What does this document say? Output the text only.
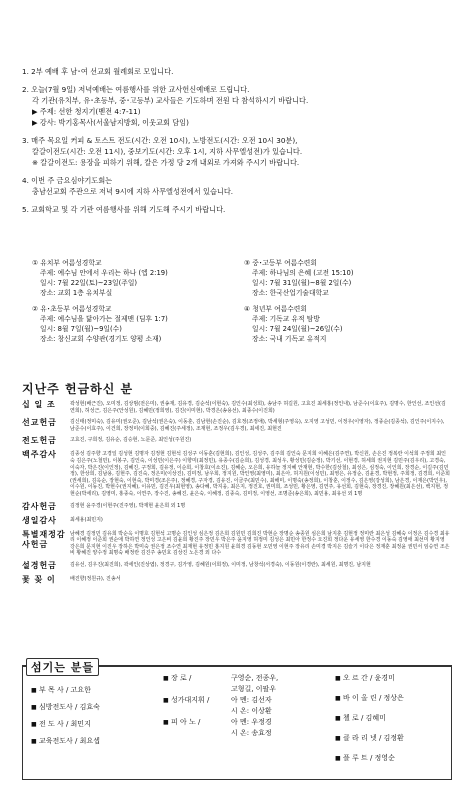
1. 2부 예배 후 남･여 선교회 월례회로 모입니다.
2. 오늘(7월 9일) 저녁예배는 여름행사를 위한 교사헌신예배로 드립니다.
각 기관(유치부, 유･초등부, 중･고등부) 교사들은 기도하며 전원 다 참석하시기 바랍니다.
▶ 주제: 선한 청지기(벧전 4:7-11)
▶ 강사: 박기홍목사(서울남지방회, 이웃교회 담임)
3. 매주 목요일 커피 & 토스트 전도(시간: 오전 10시), 노방전도(시간: 오전 10시 30분),
칼갈이전도(시간: 오전 11시), 중보기도(시간: 오후 1시, 지하 사무엘성전)가 있습니다.
※ 칼갈이전도: 용장을 피하기 위해, 칼은 가정 당 2개 내외로 가져와 주시기 바랍니다.
4. 이번 주 금요심야기도회는
충남선교회 주관으로 저녁 9시에 지하 사무엘성전에서 있습니다.
5. 교회학교 및 각 기관 여름행사를 위해 기도해 주시기 바랍니다.
① 유치부 여름성경학교
주제: 예수님 안에서 우리는 하나 (엡 2:19)
일시: 7월 22일(토)~23일(주일)
장소: 교회 1층 유치부실
③ 중･고등부 여름수련회
주제: 하나님의 은혜 (고전 15:10)
일시: 7월 31일(월)~8월 2일(수)
장소: 한국산업기술대학교
② 유･초등부 여름성경학교
주제: 예수님을 닮아가는 절제맨 (딤후 1:7)
일시: 8월 7일(월)~9일(수)
장소: 창신교회 수양관(경기도 양평 소재)
④ 청년부 여름수련회
주제: 기독교 유적 탐방
일시: 7월 24일(월)~26일(수)
장소: 국내 기독교 유적지
지난주 헌금하신 분
십 일 조	곽성현(배근진), 오미정, 김상범(전은미), 권송재, 김유경, 김순석(이현숙), 김인수(최성희), 송남주 허길원, 고효진 최세홍(정인내), 남준수(이효주), 김명수, 한인선, 조인선(김연희), 허성근, 김은주(안성원), 김혜민(정희영), 김진(이미현), 박경은(송용선), 최종수(이진희)
선교헌금	김신태(정미숙), 김유미(권오준), 김남석(권은숙), 이동훈, 김남현(손진순), 김호정(조정애), 박세형(주영옥), 오지영 고성민, 이정우(이영자), 정종순(김종석), 김인주(이지수), 남준수(이효주), 이건희, 장정미(이희중), 김혜진(주세정), 조재현, 조정우(김우경), 최세진, 최현진
전도헌금	고효진, 구희정, 김유순, 김승현, 노문준, 최인성(주원진)
백주감사	김종성 김주향 고경일 김성현 김명자 김정현 김현석 김성구 이동훈(김현희), 김인성, 김성주, 김주희 김인숙 문지희 이혜은(김주연), 박신원, 손은진 정복란 이석희 주정희 최인숙 김은주(노철민), 이봉구, 김인숙, 이성민(이은주) 이향미(최정민), 유종수(김순희), 김성경, 최성우, 황성민(김순정), 박기선, 이현경, 허세희 권지현 김민주(김우리), 고경숙, 이숙자, 박은진(이인정), 김혜진, 구정희, 김유정, 이순희, 이창호(이소진), 김혜순, 오은희, 유하늘 정지혜 안재현, 박수한(김상철), 최성은, 심정숙, 이인희, 장경순, 이길주(김민정), 한상희, 김남용, 김현주, 김진숙, 정은미(이상진), 김미정, 남우희, 정지원, 박인영(최영미), 최은아, 허지원(이성민), 최영은, 유정순, 김윤경, 박현정, 주희정, 김경희, 이준희(권세희), 김옥순, 장현숙, 이현숙, 박미경(조은주), 정혜경, 구자경, 김유진, 이금주(최민수), 최해미, 이명숙(송정희), 이창훈, 이정수, 김은영(강성희), 남은경, 이재은(박인우), 이수원, 이동진, 박현수(권지혜), 이유민, 김진우(최현영), 송다혜, 박지웅, 최은지, 정진호, 권미희, 조성민, 황은영, 김연주, 유선희, 김현숙, 장경진, 장혜원(최은선), 백지현, 정현순(박세리), 김영미, 홍종숙, 이연주, 장수진, 송혜진, 윤은숙, 이혜정, 김종숙, 김미정, 이영선, 조명준(송은희), 최민용, 최유선 외 1명
감사헌금	김정현 윤주경(이현주(진주영), 박재현 윤은희 외 1명
생일감사	최세용(최민지)
특별재정감사헌금
남혜경 김정민 김유희 박순옥 이명호 김현석 고명순 김인성 심은정 김은희 김원민 김희진 박현순 장명순 송종원 심은희 남지훈 김현정 정미란 최은성 김혜숙 이정은 김수경 최유리 이혜정 이준희 권순애 박하연 정인성 고은비 김윤희 황진주 장민우 박은주 윤지영 허정미 김성은 최민아 한정수 오진희 정다운 유세영 한수경 이동숙 김영애 최선미 황지영 강은희 문지현 이진우 장하은 박미숙 권은정 조수연 최재현 유정민 홍지원 윤희경 김동현 오민영 이현주 장유리 손미경 박지은 김슬기 이다은 정재훈 최정윤 권민서 임승연 조은비 황혜진 양수정 최명숙 배정란 김진주 송민호 김상진 노은경 외 다수
설경헌금	김유선, 김우진(최진희), 곽세인(진상엽), 정경구, 김가영, 김혜원(이희정), 이미정, 남창석(서경숙), 이동원(이경란), 최세원, 최명진, 남지현
꽃 꽂 이	배진향(정원규), 진송서
섬기는 분들
■ 부 목 사 / 고요한
■ 심방전도사 / 김효숙
■ 전 도 사 / 최민지
■ 교육전도사 / 최요셉
■ 장 로 /	구영순, 전종우,
고형길, 이팔우
■ 성가대지휘 /	아 멘: 김선자
시 온: 이상환
■ 피 아 노 /	아 멘: 우정경
시 온: 송효정
■ 오 르 간 / 윤경미
■ 바 이 올 린 / 정상은
■ 첼 로 / 김혜미
■ 클 라 리 넷 / 김정환
■ 플 루 트 / 정영순
